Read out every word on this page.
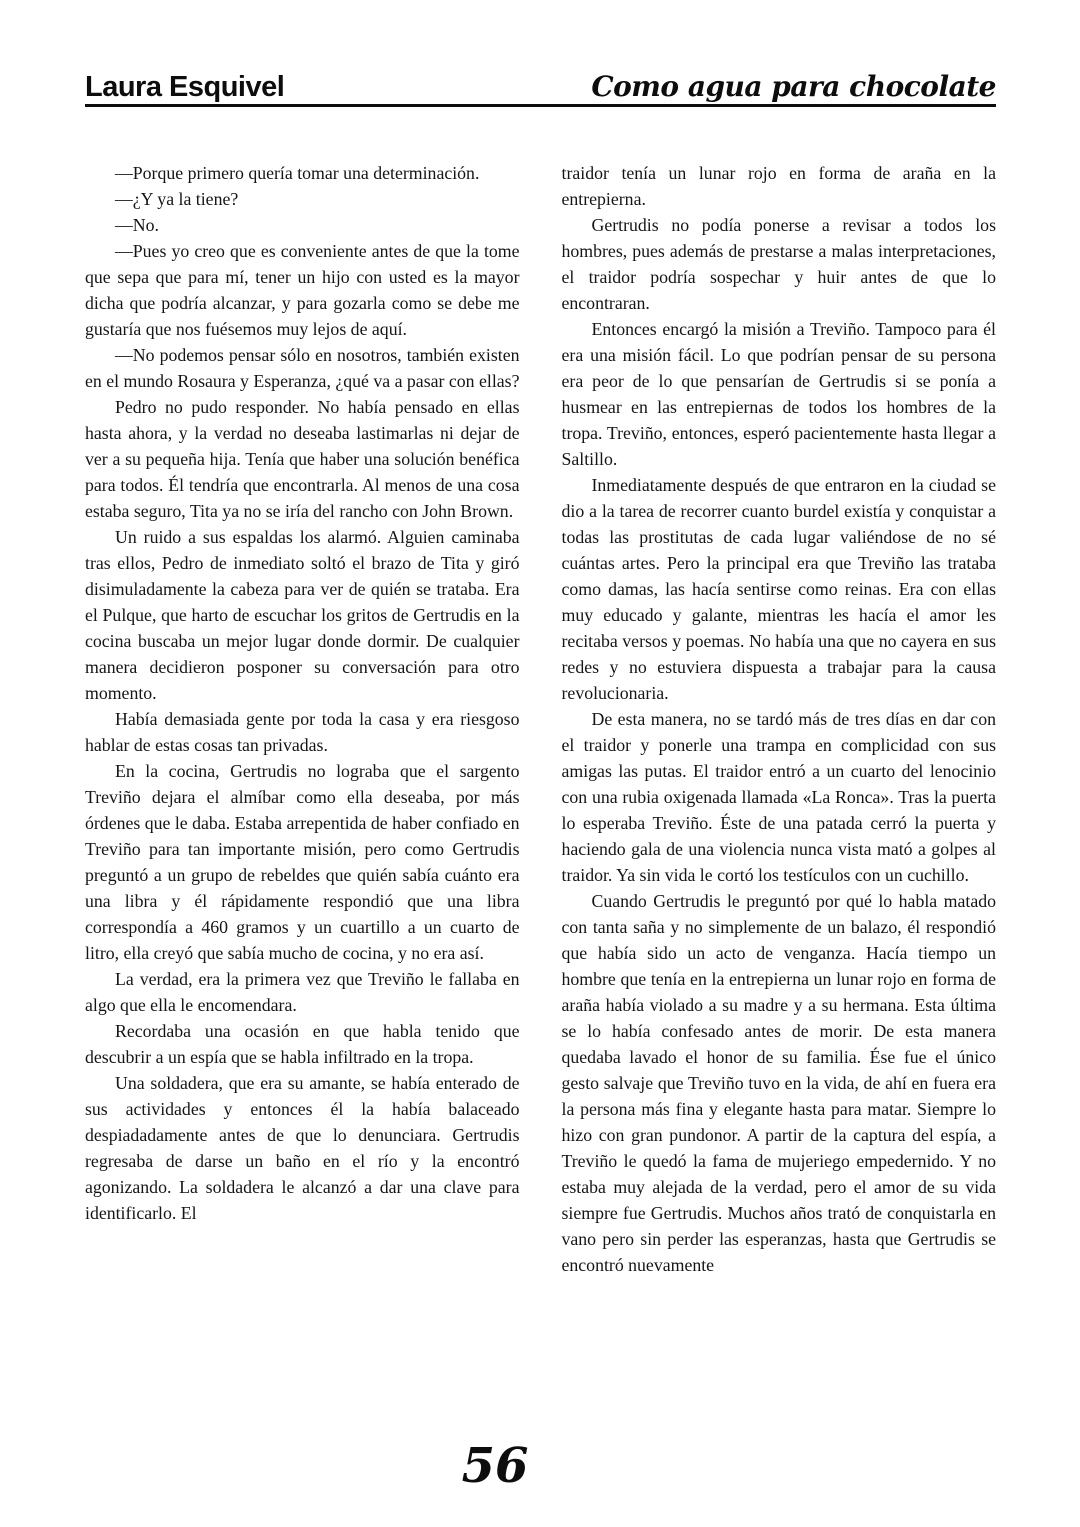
Laura Esquivel	Como agua para chocolate

—Porque primero quería tomar una determinación.

—¿Y ya la tiene?

—No.

—Pues yo creo que es conveniente antes de que la tome que sepa que para mí, tener un hijo con usted es la mayor dicha que podría alcanzar, y para gozarla como se debe me gustaría que nos fuésemos muy lejos de aquí.

—No podemos pensar sólo en nosotros, también existen en el mundo Rosaura y Esperanza, ¿qué va a pasar con ellas?

Pedro no pudo responder. No había pensado en ellas hasta ahora, y la verdad no deseaba lastimarlas ni dejar de ver a su pequeña hija. Tenía que haber una solución benéfica para todos. Él tendría que encontrarla. Al menos de una cosa estaba seguro, Tita ya no se iría del rancho con John Brown.

Un ruido a sus espaldas los alarmó. Alguien caminaba tras ellos, Pedro de inmediato soltó el brazo de Tita y giró disimuladamente la cabeza para ver de quién se trataba. Era el Pulque, que harto de escuchar los gritos de Gertrudis en la cocina buscaba un mejor lugar donde dormir. De cualquier manera decidieron posponer su conversación para otro momento.

Había demasiada gente por toda la casa y era riesgoso hablar de estas cosas tan privadas.

En la cocina, Gertrudis no lograba que el sargento Treviño dejara el almíbar como ella deseaba, por más órdenes que le daba. Estaba arrepentida de haber confiado en Treviño para tan importante misión, pero como Gertrudis preguntó a un grupo de rebeldes que quién sabía cuánto era una libra y él rápidamente respondió que una libra correspondía a 460 gramos y un cuartillo a un cuarto de litro, ella creyó que sabía mucho de cocina, y no era así.

La verdad, era la primera vez que Treviño le fallaba en algo que ella le encomendara.

Recordaba una ocasión en que habla tenido que descubrir a un espía que se habla infiltrado en la tropa.

Una soldadera, que era su amante, se había enterado de sus actividades y entonces él la había balaceado despiadadamente antes de que lo denunciara. Gertrudis regresaba de darse un baño en el río y la encontró agonizando. La soldadera le alcanzó a dar una clave para identificarlo. El

traidor tenía un lunar rojo en forma de araña en la entrepierna.

Gertrudis no podía ponerse a revisar a todos los hombres, pues además de prestarse a malas interpretaciones, el traidor podría sospechar y huir antes de que lo encontraran.

Entonces encargó la misión a Treviño. Tampoco para él era una misión fácil. Lo que podrían pensar de su persona era peor de lo que pensarían de Gertrudis si se ponía a husmear en las entrepiernas de todos los hombres de la tropa. Treviño, entonces, esperó pacientemente hasta llegar a Saltillo.

Inmediatamente después de que entraron en la ciudad se dio a la tarea de recorrer cuanto burdel existía y conquistar a todas las prostitutas de cada lugar valiéndose de no sé cuántas artes. Pero la principal era que Treviño las trataba como damas, las hacía sentirse como reinas. Era con ellas muy educado y galante, mientras les hacía el amor les recitaba versos y poemas. No había una que no cayera en sus redes y no estuviera dispuesta a trabajar para la causa revolucionaria.

De esta manera, no se tardó más de tres días en dar con el traidor y ponerle una trampa en complicidad con sus amigas las putas. El traidor entró a un cuarto del lenocinio con una rubia oxigenada llamada «La Ronca». Tras la puerta lo esperaba Treviño. Éste de una patada cerró la puerta y haciendo gala de una violencia nunca vista mató a golpes al traidor. Ya sin vida le cortó los testículos con un cuchillo.

Cuando Gertrudis le preguntó por qué lo habla matado con tanta saña y no simplemente de un balazo, él respondió que había sido un acto de venganza. Hacía tiempo un hombre que tenía en la entrepierna un lunar rojo en forma de araña había violado a su madre y a su hermana. Esta última se lo había confesado antes de morir. De esta manera quedaba lavado el honor de su familia. Ése fue el único gesto salvaje que Treviño tuvo en la vida, de ahí en fuera era la persona más fina y elegante hasta para matar. Siempre lo hizo con gran pundonor. A partir de la captura del espía, a Treviño le quedó la fama de mujeriego empedernido. Y no estaba muy alejada de la verdad, pero el amor de su vida siempre fue Gertrudis. Muchos años trató de conquistarla en vano pero sin perder las esperanzas, hasta que Gertrudis se encontró nuevamente

56
